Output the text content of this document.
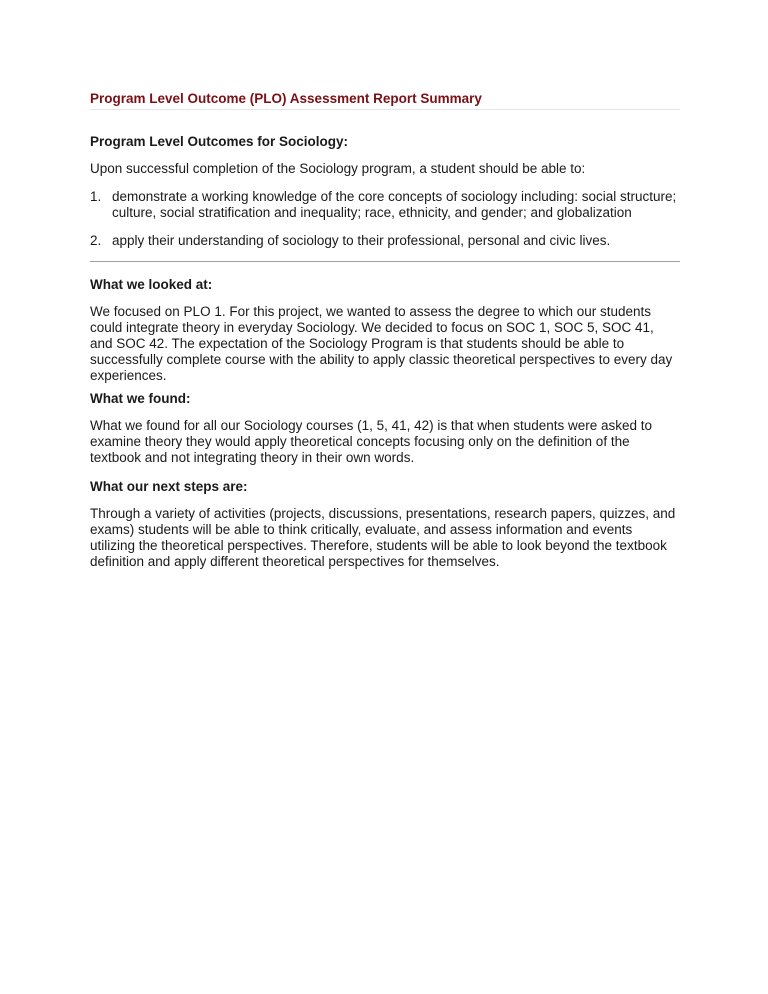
Program Level Outcome (PLO) Assessment Report Summary
Program Level Outcomes for Sociology:

Upon successful completion of the Sociology program, a student should be able to:

1. demonstrate a working knowledge of the core concepts of sociology including: social structure; culture, social stratification and inequality; race, ethnicity, and gender; and globalization
2. apply their understanding of sociology to their professional, personal and civic lives.
What we looked at:

We focused on PLO 1. For this project, we wanted to assess the degree to which our students could integrate theory in everyday Sociology. We decided to focus on SOC 1, SOC 5, SOC 41, and SOC 42. The expectation of the Sociology Program is that students should be able to successfully complete course with the ability to apply classic theoretical perspectives to every day experiences.

What we found:

What we found for all our Sociology courses (1, 5, 41, 42) is that when students were asked to examine theory they would apply theoretical concepts focusing only on the definition of the textbook and not integrating theory in their own words.

What our next steps are:

Through a variety of activities (projects, discussions, presentations, research papers, quizzes, and exams) students will be able to think critically, evaluate, and assess information and events utilizing the theoretical perspectives. Therefore, students will be able to look beyond the textbook definition and apply different theoretical perspectives for themselves.
